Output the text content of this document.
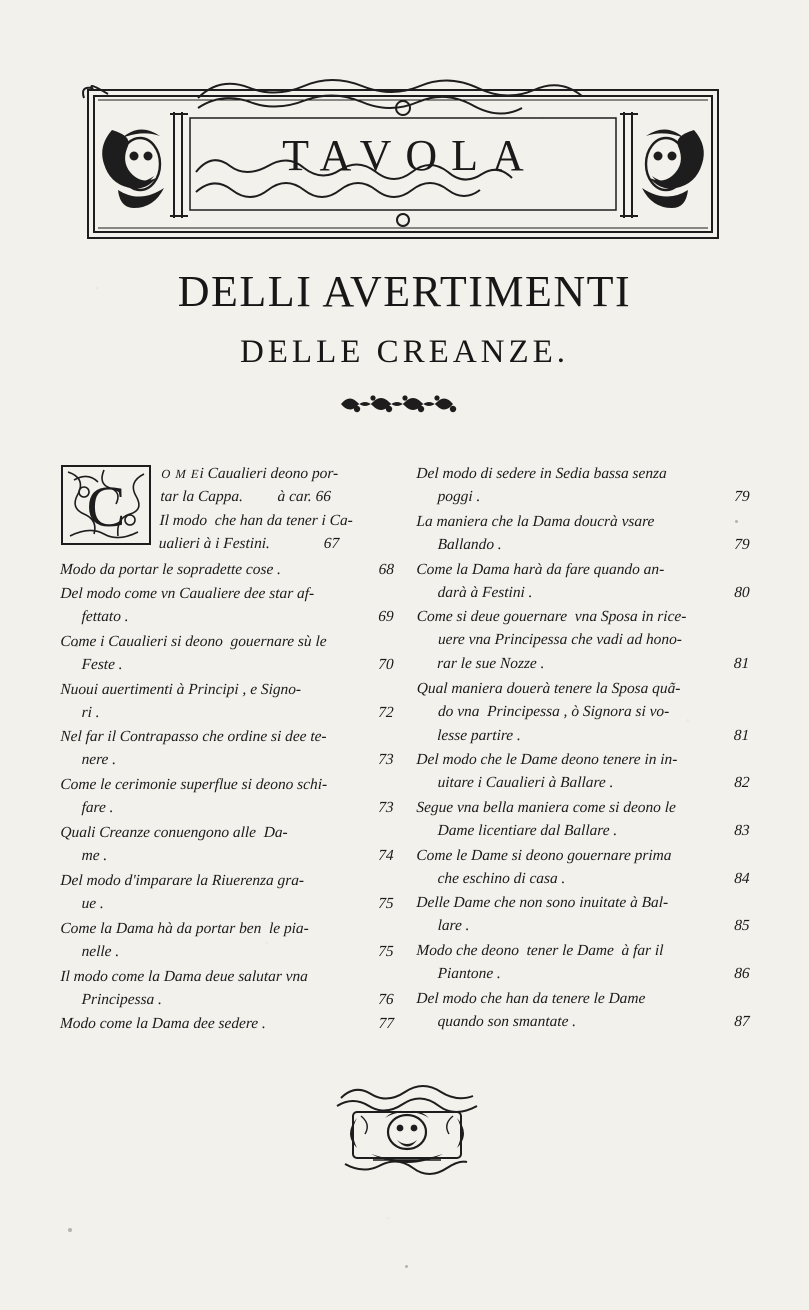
TAVOLA
DELLI AVERTIMENTI
DELLE CREANZE.
C	O M Ei Caualieri deono por-
tar la Cappa.         à car. 66
Il modo  che han da tener i Ca-
ualieri à i Festini.              67
Modo da portar le sopradette cose .	68
Del modo come vn Caualiere dee star af-
fettato .	69
Come i Caualieri si deono  gouernare sù le
Feste .	70
Nuoui auertimenti à Principi , e Signo-
ri .	72
Nel far il Contrapasso che ordine si dee te-
nere .	73
Come le cerimonie superflue si deono schi-
fare .	73
Quali Creanze conuengono alle  Da-
me .	74
Del modo d'imparare la Riuerenza gra-
ue .	75
Come la Dama hà da portar ben  le pia-
nelle .	75
Il modo come la Dama deue salutar vna
Principessa .	76
Modo come la Dama dee sedere .	77
Del modo di sedere in Sedia bassa senza
poggi .	79
La maniera che la Dama doucrà vsare
Ballando .	79
Come la Dama harà da fare quando an-
darà à Festini .	80
Come si deue gouernare  vna Sposa in rice-
uere vna Principessa che vadi ad hono-
rar le sue Nozze .	81
Qual maniera douerà tenere la Sposa quã-
do vna  Principessa , ò Signora si vo-
lesse partire .	81
Del modo che le Dame deono tenere in in-
uitare i Caualieri à Ballare .	82
Segue vna bella maniera come si deono le
Dame licentiare dal Ballare .	83
Come le Dame si deono gouernare prima
che eschino di casa .	84
Delle Dame che non sono inuitate à Bal-
lare .	85
Modo che deono  tener le Dame  à far il
Piantone .	86
Del modo che han da tenere le Dame
quando son smantate .	87
